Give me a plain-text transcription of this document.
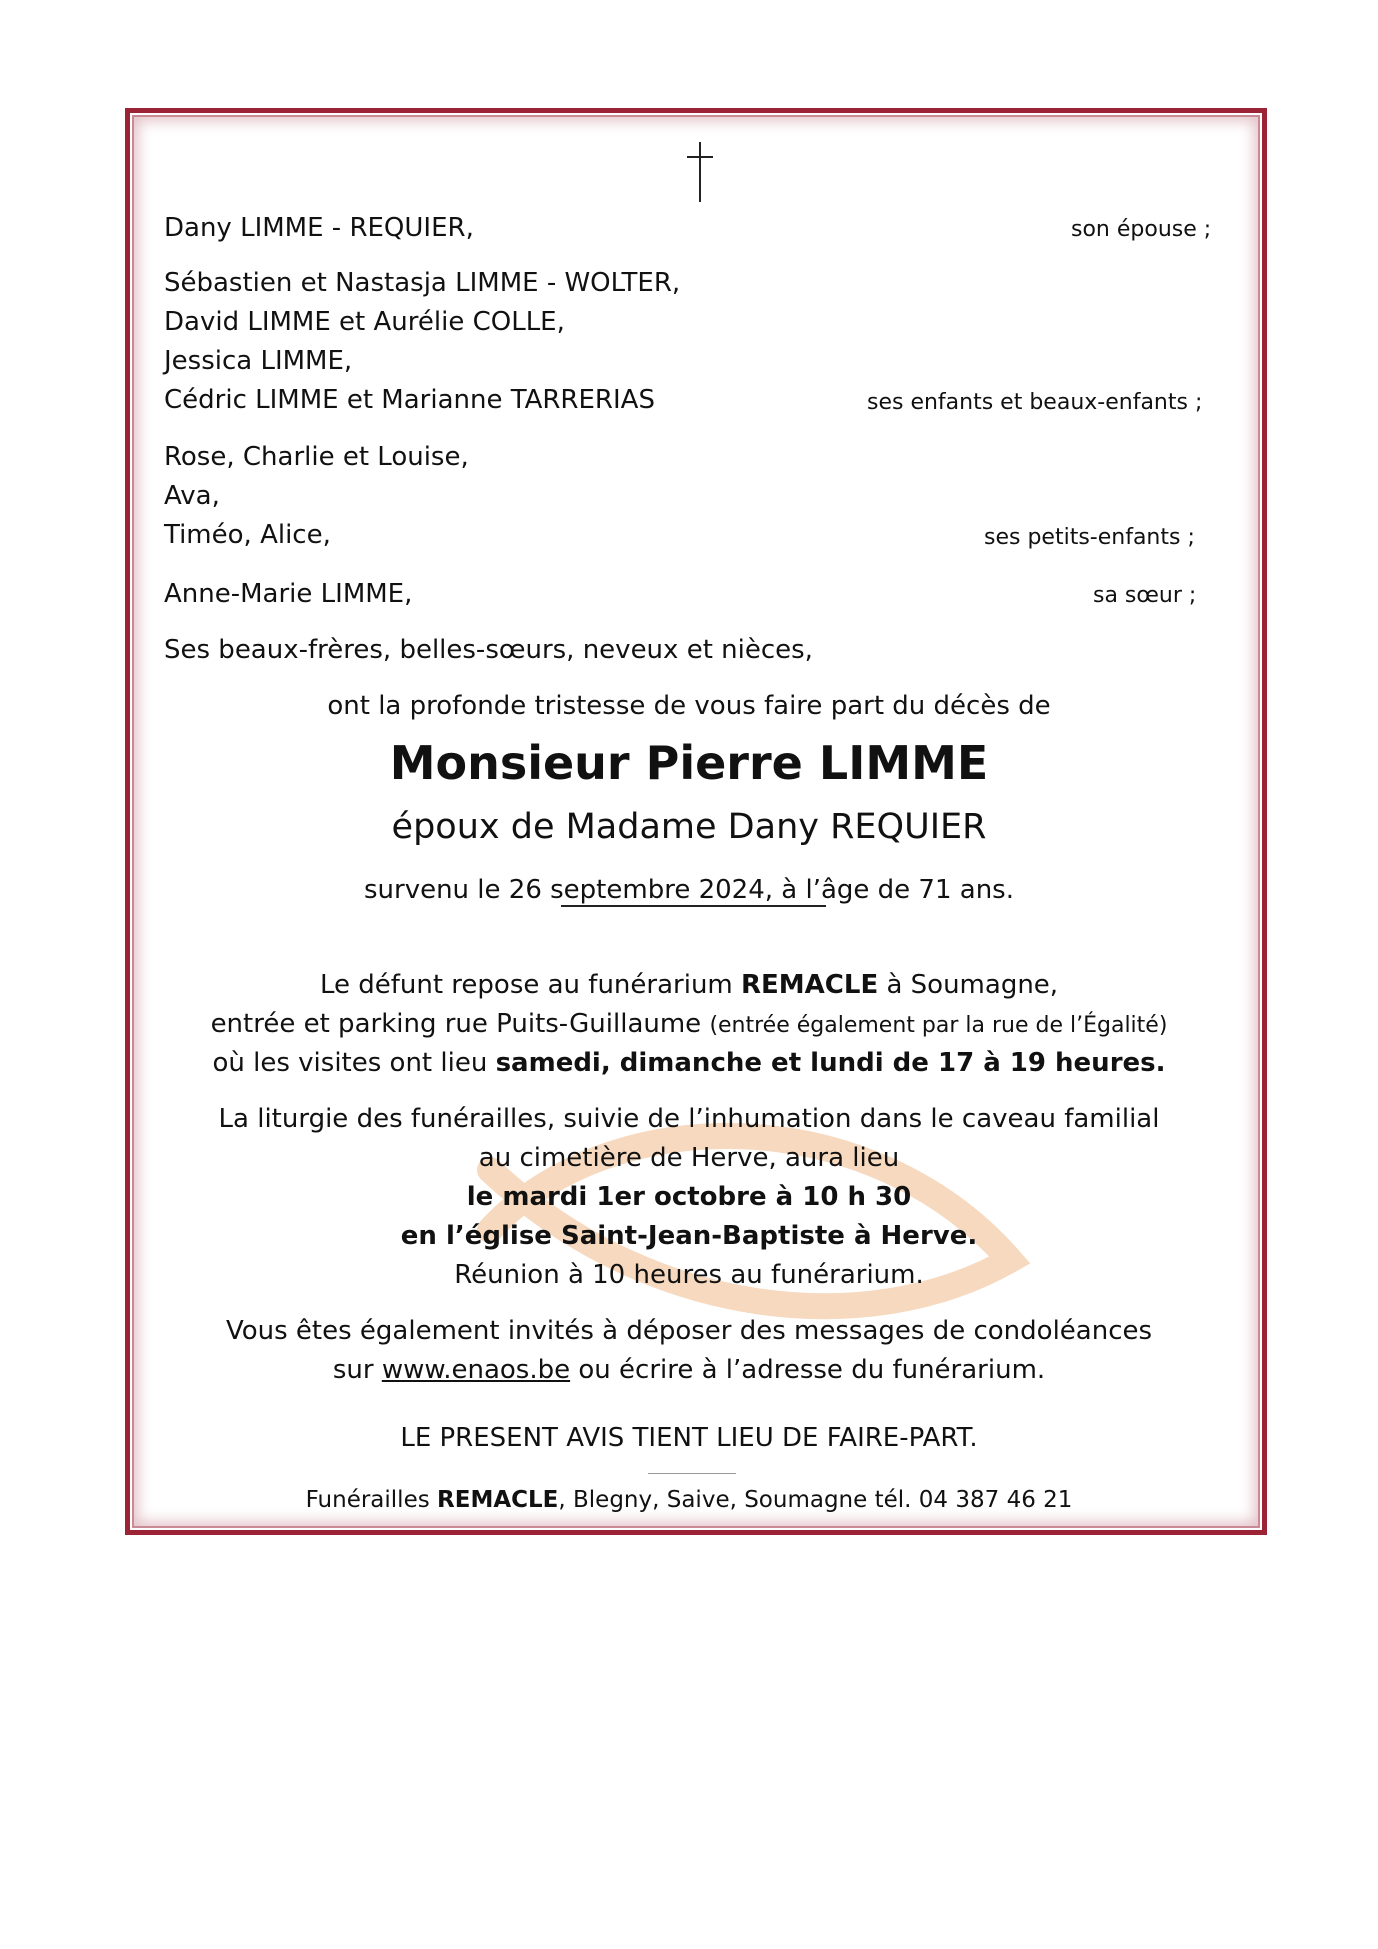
Dany LIMME - REQUIER,	son épouse ;
Sébastien et Nastasja LIMME - WOLTER,
David LIMME et Aurélie COLLE,
Jessica LIMME,
Cédric LIMME et Marianne TARRERIAS	ses enfants et beaux-enfants ;
Rose, Charlie et Louise,
Ava,
Timéo, Alice,	ses petits-enfants ;
Anne-Marie LIMME,	sa sœur ;
Ses beaux-frères, belles-sœurs, neveux et nièces,
ont la profonde tristesse de vous faire part du décès de
Monsieur Pierre LIMME
époux de Madame Dany REQUIER
survenu le 26 septembre 2024, à l’âge de 71 ans.
Le défunt repose au funérarium REMACLE à Soumagne,
entrée et parking rue Puits-Guillaume (entrée également par la rue de l’Égalité)
où les visites ont lieu samedi, dimanche et lundi de 17 à 19 heures.
La liturgie des funérailles, suivie de l’inhumation dans le caveau familial
au cimetière de Herve, aura lieu
le mardi 1er octobre à 10 h 30
en l’église Saint-Jean-Baptiste à Herve.
Réunion à 10 heures au funérarium.
Vous êtes également invités à déposer des messages de condoléances
sur www.enaos.be ou écrire à l’adresse du funérarium.
LE PRESENT AVIS TIENT LIEU DE FAIRE-PART.
Funérailles REMACLE, Blegny, Saive, Soumagne tél. 04 387 46 21
